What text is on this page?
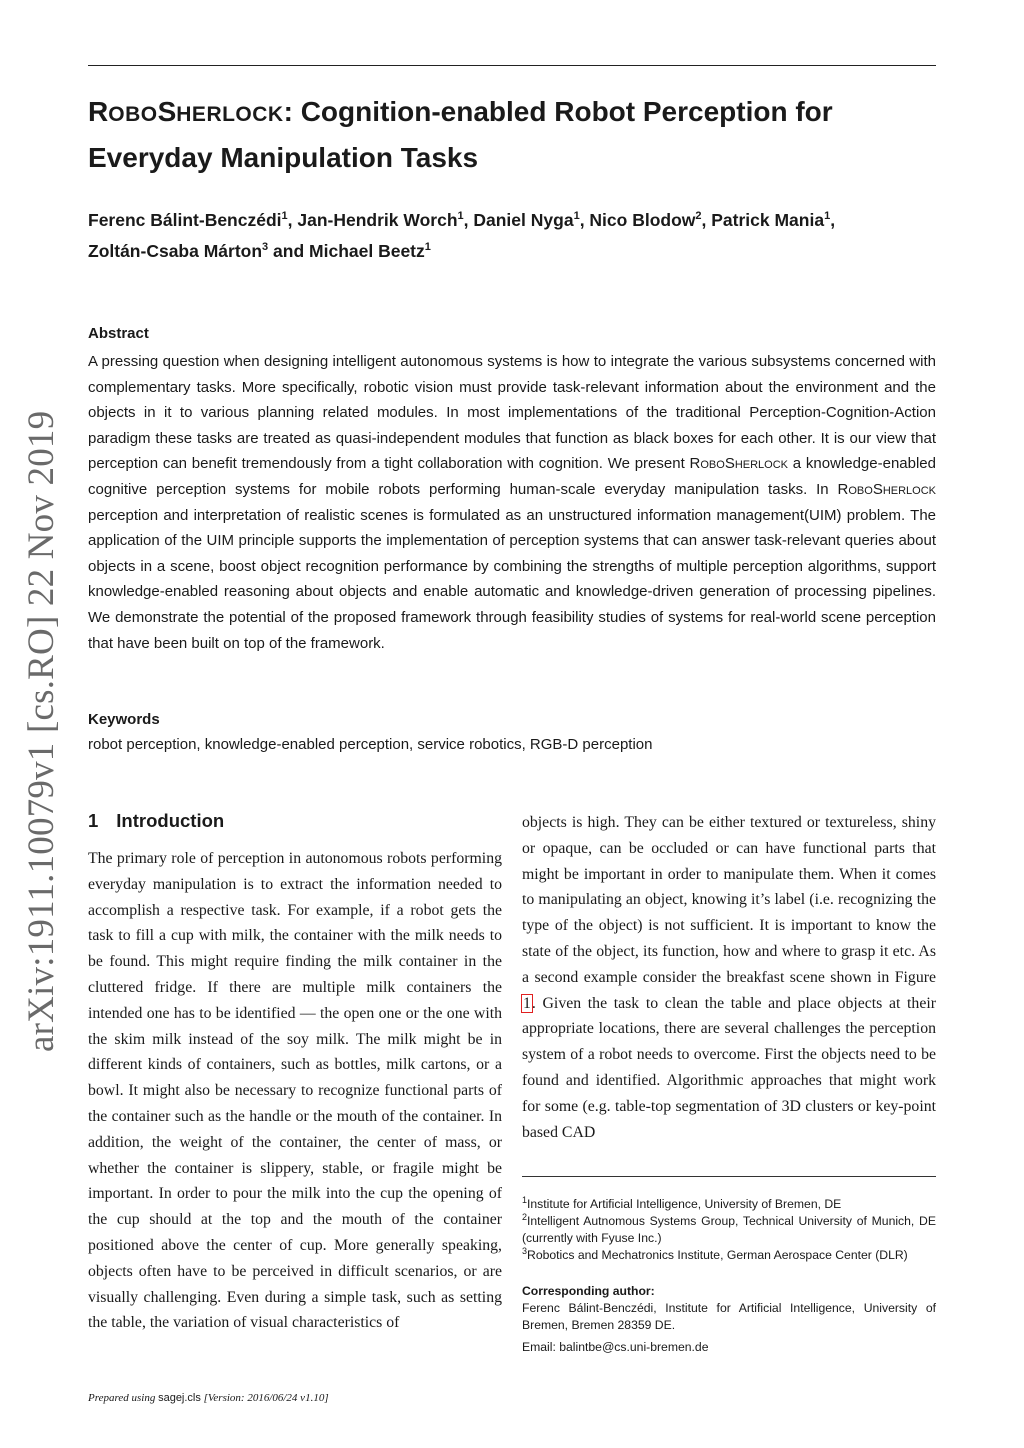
ROBOSHERLOCK: Cognition-enabled Robot Perception for
Everyday Manipulation Tasks
Ferenc Bálint-Benczédi$^1$, Jan-Hendrik Worch$^1$, Daniel Nyga$^1$, Nico Blodow$^2$, Patrick Mania$^1$,
Zoltán-Csaba Márton$^3$ and Michael Beetz$^1$
arXiv:1911.10079v1 [cs.RO] 22 Nov 2019
Abstract

A pressing question when designing intelligent autonomous systems is how to integrate the various subsystems concerned with complementary tasks. More specifically, robotic vision must provide task-relevant information about the environment and the objects in it to various planning related modules. In most implementations of the traditional Perception-Cognition-Action paradigm these tasks are treated as quasi-independent modules that function as black boxes for each other. It is our view that perception can benefit tremendously from a tight collaboration with cognition. We present RoboSherlock a knowledge-enabled cognitive perception systems for mobile robots performing human-scale everyday manipulation tasks. In RoboSherlock perception and interpretation of realistic scenes is formulated as an unstructured information management(UIM) problem. The application of the UIM principle supports the implementation of perception systems that can answer task-relevant queries about objects in a scene, boost object recognition performance by combining the strengths of multiple perception algorithms, support knowledge-enabled reasoning about objects and enable automatic and knowledge-driven generation of processing pipelines. We demonstrate the potential of the proposed framework through feasibility studies of systems for real-world scene perception that have been built on top of the framework.

Keywords
robot perception, knowledge-enabled perception, service robotics, RGB-D perception
1 Introduction

The primary role of perception in autonomous robots performing everyday manipulation is to extract the information needed to accomplish a respective task. For example, if a robot gets the task to fill a cup with milk, the container with the milk needs to be found. This might require finding the milk container in the cluttered fridge. If there are multiple milk containers the intended one has to be identified — the open one or the one with the skim milk instead of the soy milk. The milk might be in different kinds of containers, such as bottles, milk cartons, or a bowl. It might also be necessary to recognize functional parts of the container such as the handle or the mouth of the container. In addition, the weight of the container, the center of mass, or whether the container is slippery, stable, or fragile might be important. In order to pour the milk into the cup the opening of the cup should at the top and the mouth of the container positioned above the center of cup. More generally speaking, objects often have to be perceived in difficult scenarios, or are visually challenging. Even during a simple task, such as setting the table, the variation of visual characteristics of

objects is high. They can be either textured or textureless, shiny or opaque, can be occluded or can have functional parts that might be important in order to manipulate them. When it comes to manipulating an object, knowing it’s label (i.e. recognizing the type of the object) is not sufficient. It is important to know the state of the object, its function, how and where to grasp it etc. As a second example consider the breakfast scene shown in Figure 1. Given the task to clean the table and place objects at their appropriate locations, there are several challenges the perception system of a robot needs to overcome. First the objects need to be found and identified. Algorithmic approaches that might work for some (e.g. table-top segmentation of 3D clusters or key-point based CAD

$^1$Institute for Artificial Intelligence, University of Bremen, DE
$^2$Intelligent Autnomous Systems Group, Technical University of Munich, DE (currently with Fyuse Inc.)
$^3$Robotics and Mechatronics Institute, German Aerospace Center (DLR)
Corresponding author:
Ferenc Bálint-Benczédi, Institute for Artificial Intelligence, University of Bremen, Bremen 28359 DE.
Email: balintbe@cs.uni-bremen.de
Prepared using sagej.cls [Version: 2016/06/24 v1.10]
